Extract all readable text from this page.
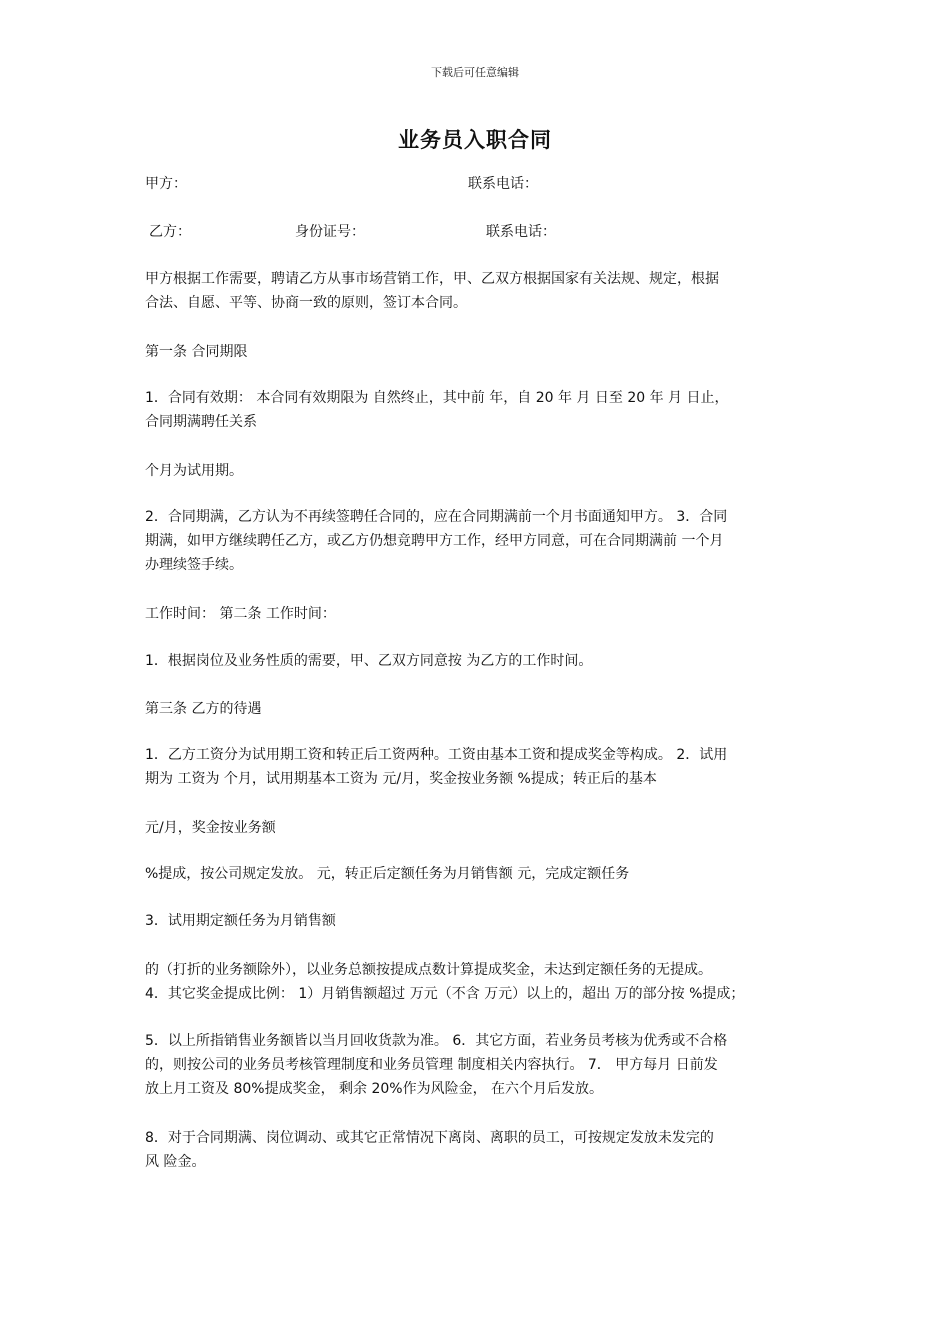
下载后可任意编辑
业务员入职合同
甲方：	联系电话：
乙方：	身份证号：	联系电话：

甲方根据工作需要，聘请乙方从事市场营销工作，甲、乙双方根据国家有关法规、规定，根据

合法、自愿、平等、协商一致的原则，签订本合同。

第一条 合同期限

1．合同有效期： 本合同有效期限为 自然终止，其中前 年，自 20 年 月 日至 20 年 月 日止，

合同期满聘任关系

个月为试用期。

2．合同期满，乙方认为不再续签聘任合同的，应在合同期满前一个月书面通知甲方。 3．合同

期满，如甲方继续聘任乙方，或乙方仍想竞聘甲方工作，经甲方同意，可在合同期满前 一个月

办理续签手续。

工作时间： 第二条 工作时间：
1．根据岗位及业务性质的需要，甲、乙双方同意按 为乙方的工作时间。
第三条 乙方的待遇

1．乙方工资分为试用期工资和转正后工资两种。工资由基本工资和提成奖金等构成。 2．试用

期为 工资为 个月，试用期基本工资为 元/月，奖金按业务额 %提成；转正后的基本

元/月，奖金按业务额
%提成，按公司规定发放。 元，转正后定额任务为月销售额 元，完成定额任务
3．试用期定额任务为月销售额

的（打折的业务额除外），以业务总额按提成点数计算提成奖金，未达到定额任务的无提成。

4．其它奖金提成比例： 1）月销售额超过 万元（不含 万元）以上的，超出 万的部分按 %提成；

5．以上所指销售业务额皆以当月回收货款为准。 6．其它方面，若业务员考核为优秀或不合格

的，则按公司的业务员考核管理制度和业务员管理 制度相关内容执行。 7． 甲方每月 日前发

放上月工资及 80%提成奖金， 剩余 20%作为风险金， 在六个月后发放。

8．对于合同期满、岗位调动、或其它正常情况下离岗、离职的员工，可按规定发放未发完的

风 险金。
